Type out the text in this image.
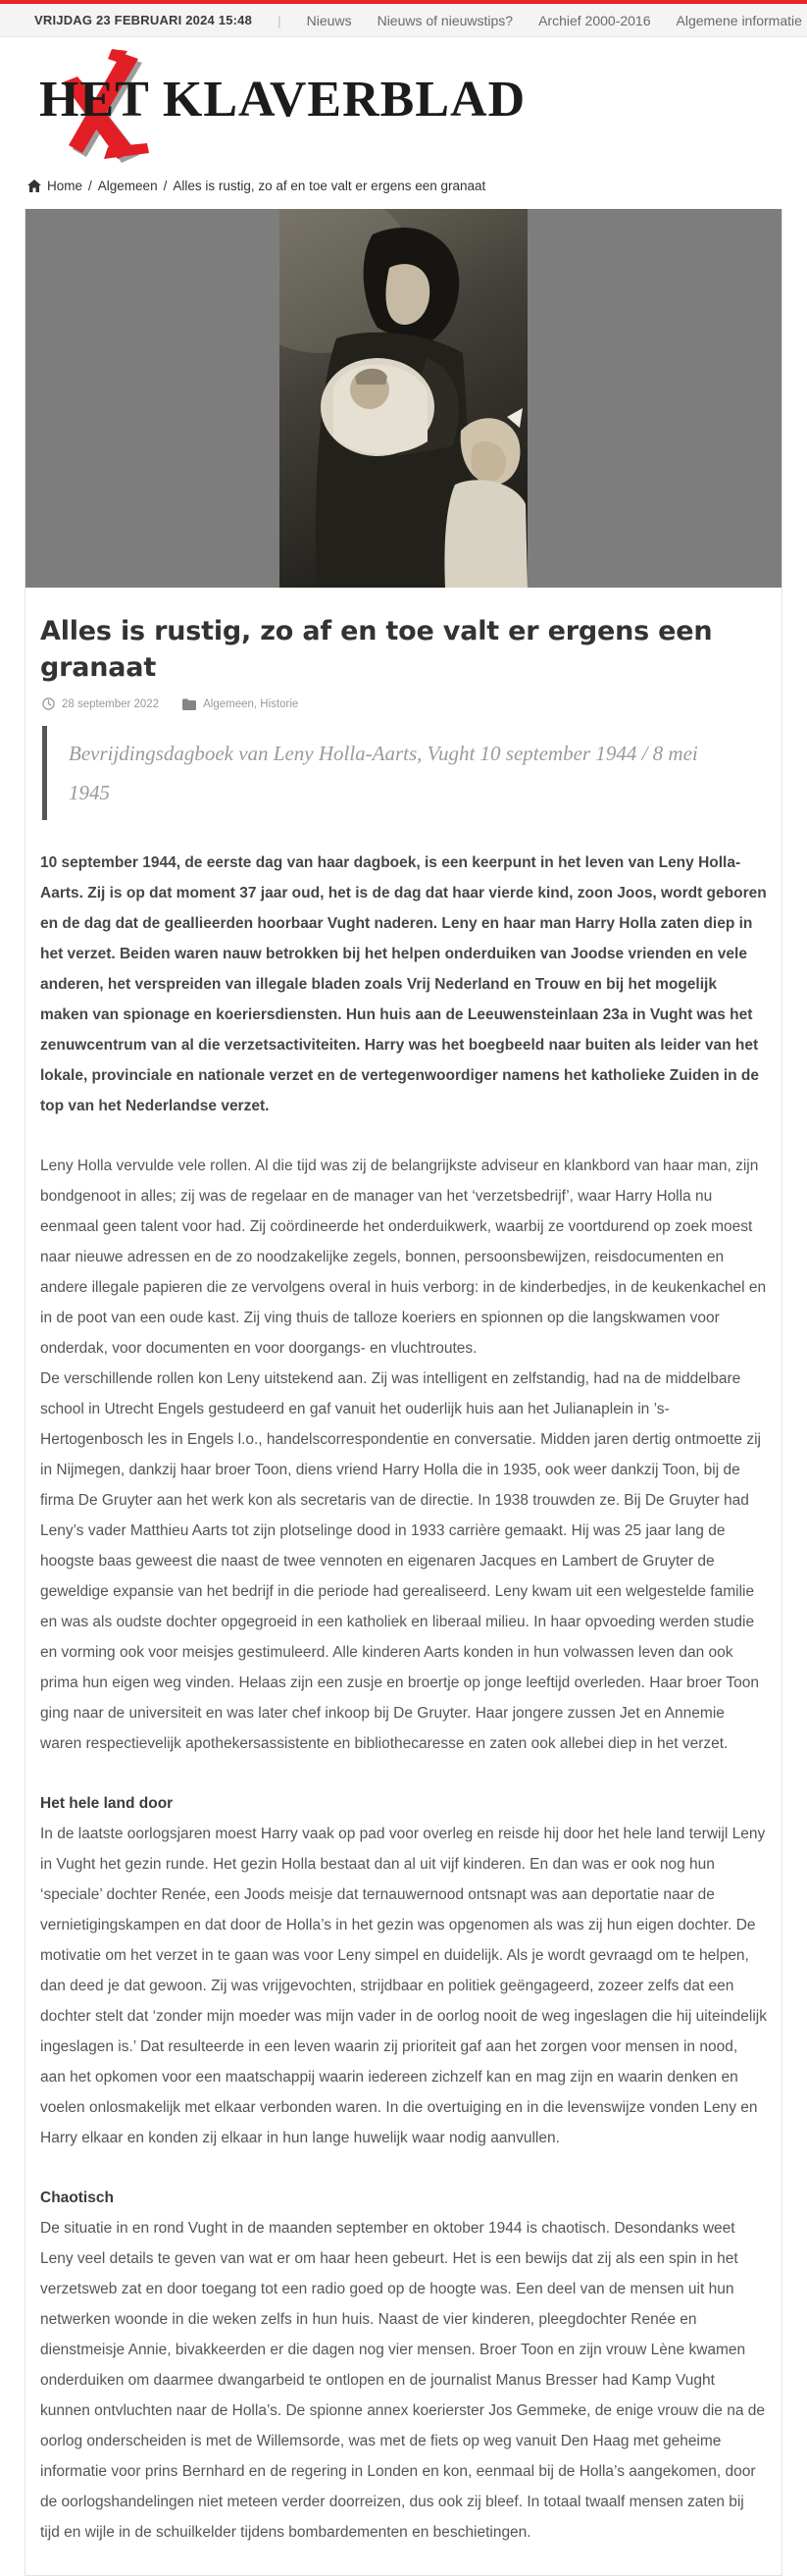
VRIJDAG 23 FEBRUARI 2024 15:48 | Nieuws Nieuws of nieuwstips? Archief 2000-2016 Algemene informatie
HET KLAVERBLAD
Home / Algemeen / Alles is rustig, zo af en toe valt er ergens een granaat
Alles is rustig, zo af en toe valt er ergens een granaat
28 september 2022	Algemeen, Historie
Bevrijdingsdagboek van Leny Holla-Aarts, Vught 10 september 1944 / 8 mei 1945

10 september 1944, de eerste dag van haar dagboek, is een keerpunt in het leven van Leny Holla-Aarts. Zij is op dat moment 37 jaar oud, het is de dag dat haar vierde kind, zoon Joos, wordt geboren en de dag dat de geallieerden hoorbaar Vught naderen. Leny en haar man Harry Holla zaten diep in het verzet. Beiden waren nauw betrokken bij het helpen onderduiken van Joodse vrienden en vele anderen, het verspreiden van illegale bladen zoals Vrij Nederland en Trouw en bij het mogelijk maken van spionage en koeriersdiensten. Hun huis aan de Leeuwensteinlaan 23a in Vught was het zenuwcentrum van al die verzetsactiviteiten. Harry was het boegbeeld naar buiten als leider van het lokale, provinciale en nationale verzet en de vertegenwoordiger namens het katholieke Zuiden in de top van het Nederlandse verzet.

Leny Holla vervulde vele rollen. Al die tijd was zij de belangrijkste adviseur en klankbord van haar man, zijn bondgenoot in alles; zij was de regelaar en de manager van het ‘verzetsbedrijf’, waar Harry Holla nu eenmaal geen talent voor had. Zij coördineerde het onderduikwerk, waarbij ze voortdurend op zoek moest naar nieuwe adressen en de zo noodzakelijke zegels, bonnen, persoonsbewijzen, reisdocumenten en andere illegale papieren die ze vervolgens overal in huis verborg: in de kinderbedjes, in de keukenkachel en in de poot van een oude kast. Zij ving thuis de talloze koeriers en spionnen op die langskwamen voor onderdak, voor documenten en voor doorgangs- en vluchtroutes.

De verschillende rollen kon Leny uitstekend aan. Zij was intelligent en zelfstandig, had na de middelbare school in Utrecht Engels gestudeerd en gaf vanuit het ouderlijk huis aan het Julianaplein in ’s-Hertogenbosch les in Engels l.o., handelscorrespondentie en conversatie. Midden jaren dertig ontmoette zij in Nijmegen, dankzij haar broer Toon, diens vriend Harry Holla die in 1935, ook weer dankzij Toon, bij de firma De Gruyter aan het werk kon als secretaris van de directie. In 1938 trouwden ze. Bij De Gruyter had Leny’s vader Matthieu Aarts tot zijn plotselinge dood in 1933 carrière gemaakt. Hij was 25 jaar lang de hoogste baas geweest die naast de twee vennoten en eigenaren Jacques en Lambert de Gruyter de geweldige expansie van het bedrijf in die periode had gerealiseerd. Leny kwam uit een welgestelde familie en was als oudste dochter opgegroeid in een katholiek en liberaal milieu. In haar opvoeding werden studie en vorming ook voor meisjes gestimuleerd. Alle kinderen Aarts konden in hun volwassen leven dan ook prima hun eigen weg vinden. Helaas zijn een zusje en broertje op jonge leeftijd overleden. Haar broer Toon ging naar de universiteit en was later chef inkoop bij De Gruyter. Haar jongere zussen Jet en Annemie waren respectievelijk apothekersassistente en bibliothecaresse en zaten ook allebei diep in het verzet.

Het hele land door

In de laatste oorlogsjaren moest Harry vaak op pad voor overleg en reisde hij door het hele land terwijl Leny in Vught het gezin runde. Het gezin Holla bestaat dan al uit vijf kinderen. En dan was er ook nog hun ‘speciale’ dochter Renée, een Joods meisje dat ternauwernood ontsnapt was aan deportatie naar de vernietigingskampen en dat door de Holla’s in het gezin was opgenomen als was zij hun eigen dochter. De motivatie om het verzet in te gaan was voor Leny simpel en duidelijk. Als je wordt gevraagd om te helpen, dan deed je dat gewoon. Zij was vrijgevochten, strijdbaar en politiek geëngageerd, zozeer zelfs dat een dochter stelt dat ‘zonder mijn moeder was mijn vader in de oorlog nooit de weg ingeslagen die hij uiteindelijk ingeslagen is.’ Dat resulteerde in een leven waarin zij prioriteit gaf aan het zorgen voor mensen in nood, aan het opkomen voor een maatschappij waarin iedereen zichzelf kan en mag zijn en waarin denken en voelen onlosmakelijk met elkaar verbonden waren. In die overtuiging en in die levenswijze vonden Leny en Harry elkaar en konden zij elkaar in hun lange huwelijk waar nodig aanvullen.

Chaotisch

De situatie in en rond Vught in de maanden september en oktober 1944 is chaotisch. Desondanks weet Leny veel details te geven van wat er om haar heen gebeurt. Het is een bewijs dat zij als een spin in het verzetsweb zat en door toegang tot een radio goed op de hoogte was. Een deel van de mensen uit hun netwerken woonde in die weken zelfs in hun huis. Naast de vier kinderen, pleegdochter Renée en dienstmeisje Annie, bivakkeerden er die dagen nog vier mensen. Broer Toon en zijn vrouw Lène kwamen onderduiken om daarmee dwangarbeid te ontlopen en de journalist Manus Bresser had Kamp Vught kunnen ontvluchten naar de Holla’s. De spionne annex koerierster Jos Gemmeke, de enige vrouw die na de oorlog onderscheiden is met de Willemsorde, was met de fiets op weg vanuit Den Haag met geheime informatie voor prins Bernhard en de regering in Londen en kon, eenmaal bij de Holla’s aangekomen, door de oorlogshandelingen niet meteen verder doorreizen, dus ook zij bleef. In totaal twaalf mensen zaten bij tijd en wijle in de schuilkelder tijdens bombardementen en beschietingen.
